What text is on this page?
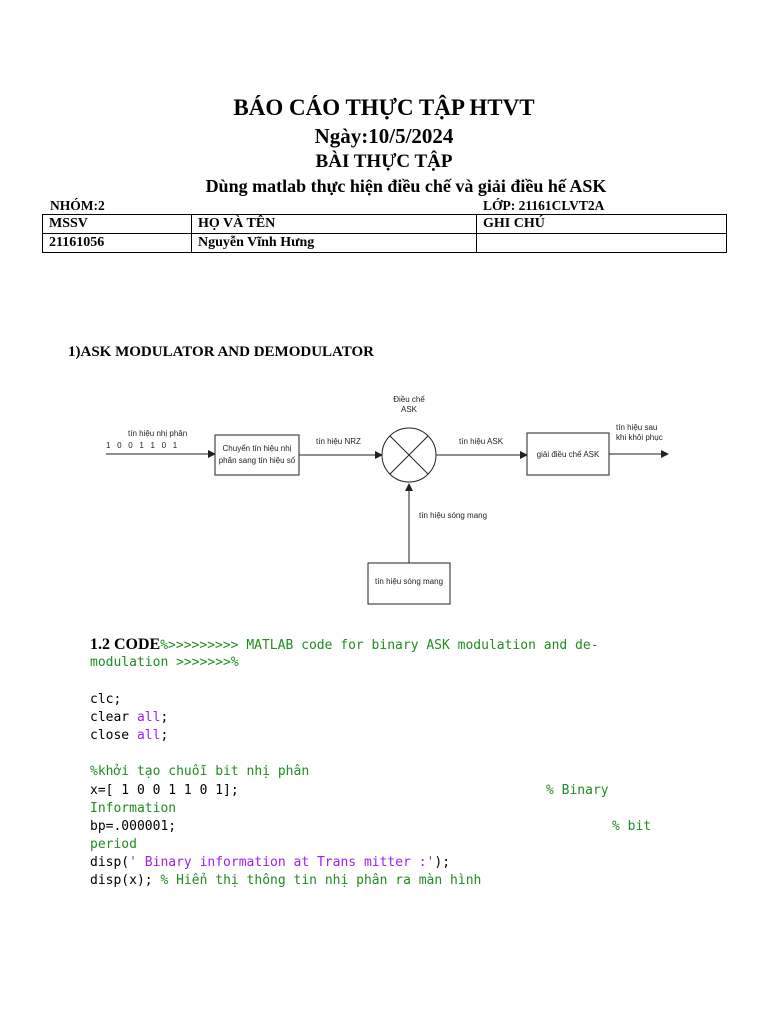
BÁO CÁO THỰC TẬP HTVT
Ngày:10/5/2024
BÀI THỰC TẬP
Dùng matlab thực hiện điều chế và giải điều hế ASK
NHÓM:2	LỚP: 21161CLVT2A
MSSV	HỌ VÀ TÊN	GHI CHÚ
21161056	Nguyễn Vĩnh Hưng	
1)ASK MODULATOR AND DEMODULATOR
tín hiệu nhị phân
1   0   0   1   1   0   1	Chuyển tín hiệu nhị
phân sang tín hiệu số
tín hiệu NRZ
Điều chế
ASK
tín hiệu ASK
giải điều chế ASK
tín hiệu sau
khi khôi phục
tín hiệu sóng mang
tín hiệu sóng mang
1.2 CODE%>>>>>>>>> MATLAB code for binary ASK modulation and de-
modulation >>>>>>>%
clc;
clear all;
close all;
%khởi tạo chuỗi bit nhị phân
x=[ 1 0 0 1 1 0 1];	% Binary
Information
bp=.000001;	% bit
period
disp(' Binary information at Trans mitter :');
disp(x); % Hiển thị thông tin nhị phân ra màn hình
